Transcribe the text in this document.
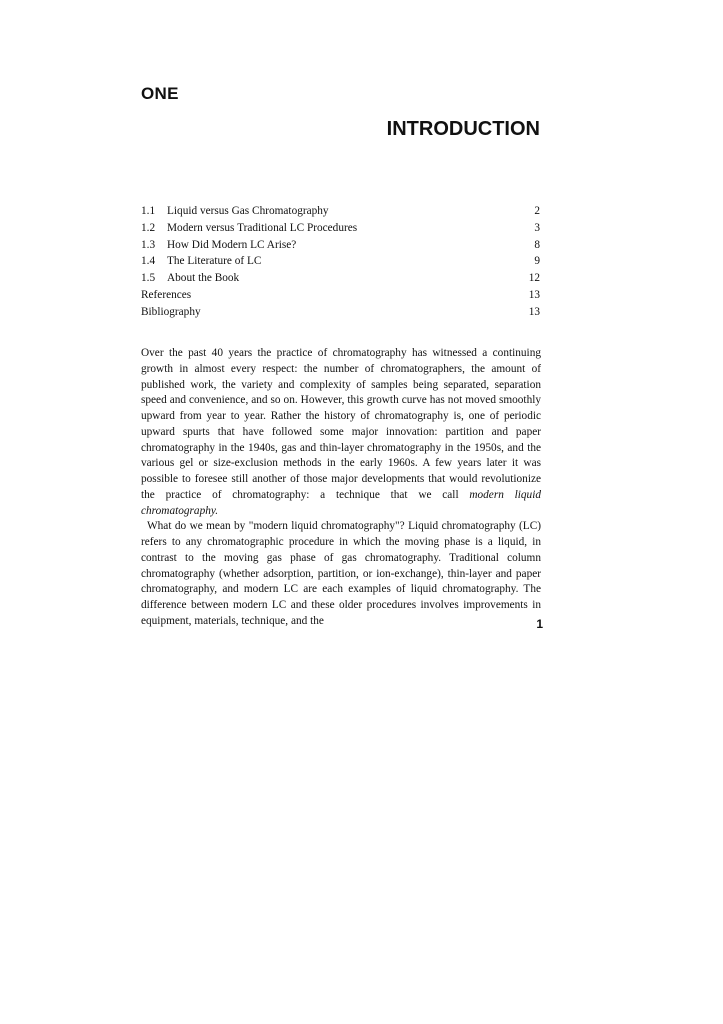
ONE
INTRODUCTION
1.1 Liquid versus Gas Chromatography	2
1.2 Modern versus Traditional LC Procedures	3
1.3 How Did Modern LC Arise?	8
1.4 The Literature of LC	9
1.5 About the Book	12
References	13
Bibliography	13

Over the past 40 years the practice of chromatography has witnessed a continuing growth in almost every respect: the number of chromatographers, the amount of published work, the variety and complexity of samples being separated, separation speed and convenience, and so on. However, this growth curve has not moved smoothly upward from year to year. Rather the history of chromatography is, one of periodic upward spurts that have followed some major innovation: partition and paper chromatography in the 1940s, gas and thin-layer chromatography in the 1950s, and the various gel or size-exclusion methods in the early 1960s. A few years later it was possible to foresee still another of those major developments that would revolutionize the practice of chromatography: a technique that we call modern liquid chromatography.

What do we mean by "modern liquid chromatography"? Liquid chromatography (LC) refers to any chromatographic procedure in which the moving phase is a liquid, in contrast to the moving gas phase of gas chromatography. Traditional column chromatography (whether adsorption, partition, or ion-exchange), thin-layer and paper chromatography, and modern LC are each examples of liquid chromatography. The difference between modern LC and these older procedures involves improvements in equipment, materials, technique, and the	1
